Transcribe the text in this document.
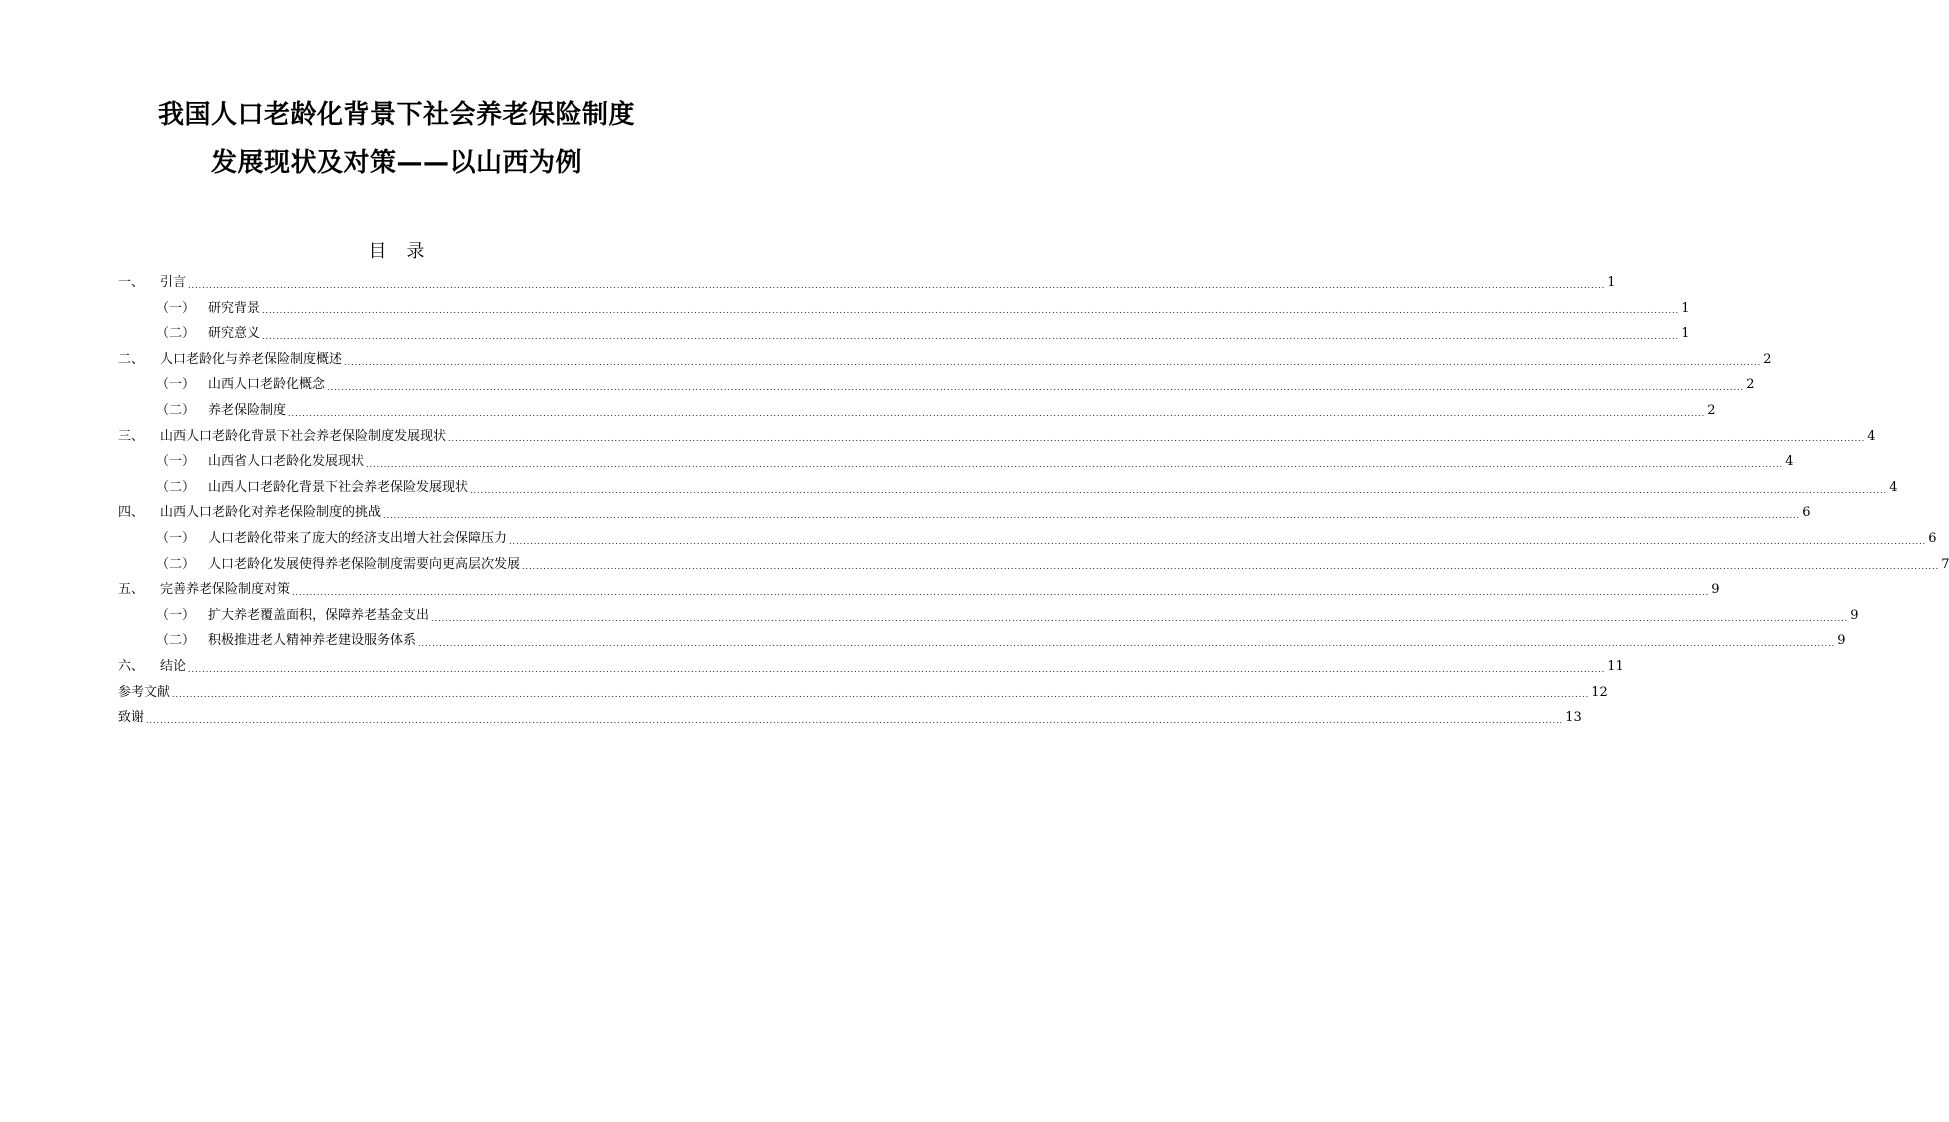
我国人口老龄化背景下社会养老保险制度
发展现状及对策——以山西为例
目录
一、	引言 ................................................................................................................................................................................................................................................................................................................................................................................................................ 1
（一） 研究背景 ................................................................................................................................................................................................................................................................................................................................................................................................................ 1
（二） 研究意义 ................................................................................................................................................................................................................................................................................................................................................................................................................ 1
二、	人口老龄化与养老保险制度概述 ................................................................................................................................................................................................................................................................................................................................................................................................................ 2
（一） 山西人口老龄化概念 ................................................................................................................................................................................................................................................................................................................................................................................................................ 2
（二） 养老保险制度 ................................................................................................................................................................................................................................................................................................................................................................................................................ 2
三、	山西人口老龄化背景下社会养老保险制度发展现状 ................................................................................................................................................................................................................................................................................................................................................................................................................ 4
（一） 山西省人口老龄化发展现状 ................................................................................................................................................................................................................................................................................................................................................................................................................ 4
（二） 山西人口老龄化背景下社会养老保险发展现状 ................................................................................................................................................................................................................................................................................................................................................................................................................ 4
四、	山西人口老龄化对养老保险制度的挑战 ................................................................................................................................................................................................................................................................................................................................................................................................................ 6
（一） 人口老龄化带来了庞大的经济支出增大社会保障压力 ................................................................................................................................................................................................................................................................................................................................................................................................................ 6
（二） 人口老龄化发展使得养老保险制度需要向更高层次发展 ................................................................................................................................................................................................................................................................................................................................................................................................................ 7
五、	完善养老保险制度对策 ................................................................................................................................................................................................................................................................................................................................................................................................................ 9
（一） 扩大养老覆盖面积，保障养老基金支出 ................................................................................................................................................................................................................................................................................................................................................................................................................ 9
（二） 积极推进老人精神养老建设服务体系 ................................................................................................................................................................................................................................................................................................................................................................................................................ 9
六、	结论 ................................................................................................................................................................................................................................................................................................................................................................................................................ 11
参考文献 ................................................................................................................................................................................................................................................................................................................................................................................................................ 12
致谢 ................................................................................................................................................................................................................................................................................................................................................................................................................ 13
